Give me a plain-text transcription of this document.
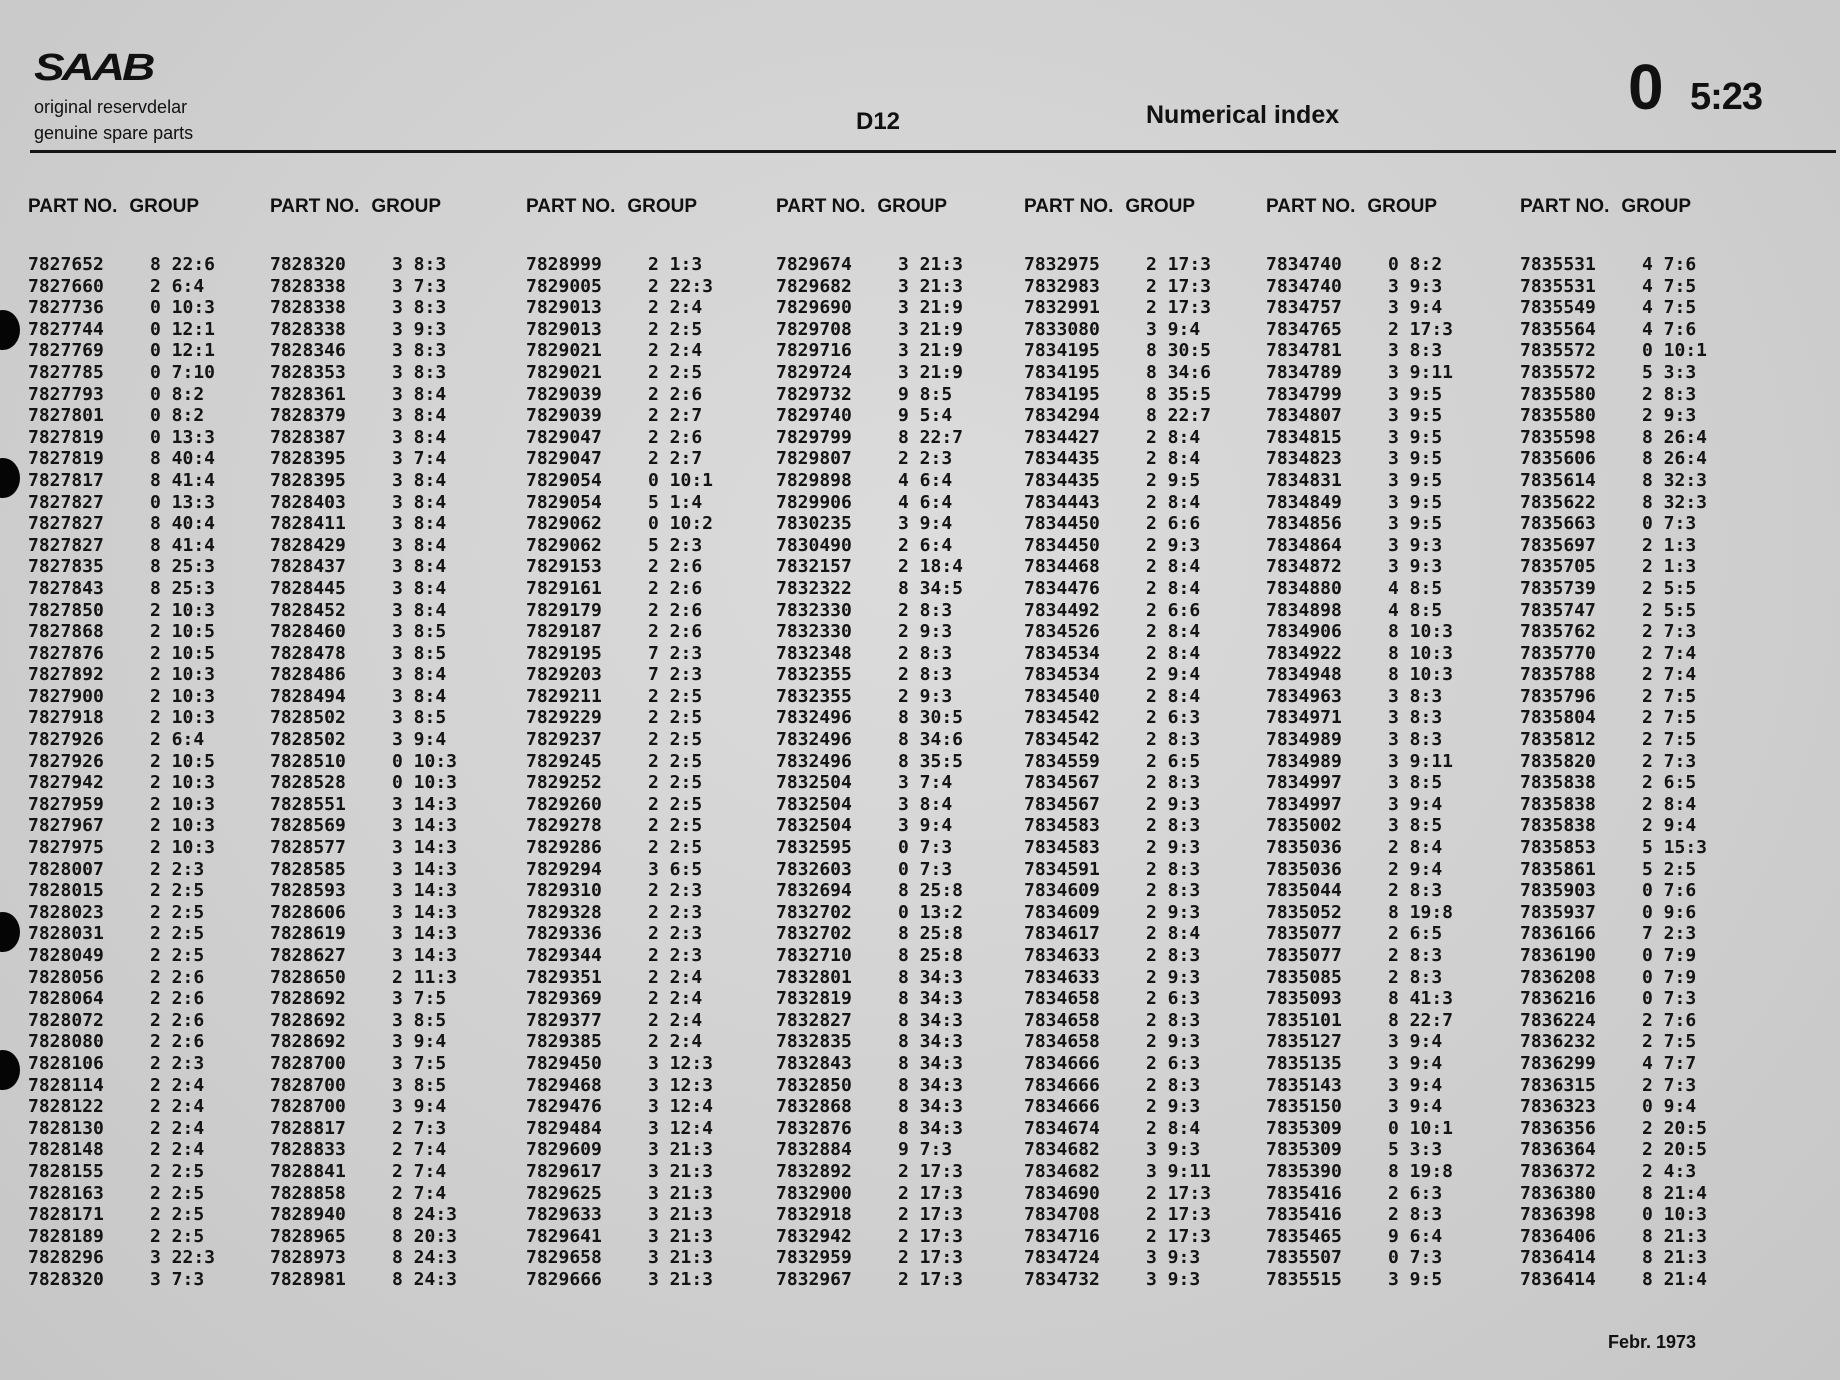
SAAB
original reservdelar
genuine spare parts	D12	Numerical index	0 5:23
PART NO. GROUP
7827652	8 22:6
7827660	2 6:4
7827736	0 10:3
7827744	0 12:1
7827769	0 12:1
7827785	0 7:10
7827793	0 8:2
7827801	0 8:2
7827819	0 13:3
7827819	8 40:4
7827817	8 41:4
7827827	0 13:3
7827827	8 40:4
7827827	8 41:4
7827835	8 25:3
7827843	8 25:3
7827850	2 10:3
7827868	2 10:5
7827876	2 10:5
7827892	2 10:3
7827900	2 10:3
7827918	2 10:3
7827926	2 6:4
7827926	2 10:5
7827942	2 10:3
7827959	2 10:3
7827967	2 10:3
7827975	2 10:3
7828007	2 2:3
7828015	2 2:5
7828023	2 2:5
7828031	2 2:5
7828049	2 2:5
7828056	2 2:6
7828064	2 2:6
7828072	2 2:6
7828080	2 2:6
7828106	2 2:3
7828114	2 2:4
7828122	2 2:4
7828130	2 2:4
7828148	2 2:4
7828155	2 2:5
7828163	2 2:5
7828171	2 2:5
7828189	2 2:5
7828296	3 22:3
7828320	3 7:3
PART NO. GROUP
7828320	3 8:3
7828338	3 7:3
7828338	3 8:3
7828338	3 9:3
7828346	3 8:3
7828353	3 8:3
7828361	3 8:4
7828379	3 8:4
7828387	3 8:4
7828395	3 7:4
7828395	3 8:4
7828403	3 8:4
7828411	3 8:4
7828429	3 8:4
7828437	3 8:4
7828445	3 8:4
7828452	3 8:4
7828460	3 8:5
7828478	3 8:5
7828486	3 8:4
7828494	3 8:4
7828502	3 8:5
7828502	3 9:4
7828510	0 10:3
7828528	0 10:3
7828551	3 14:3
7828569	3 14:3
7828577	3 14:3
7828585	3 14:3
7828593	3 14:3
7828606	3 14:3
7828619	3 14:3
7828627	3 14:3
7828650	2 11:3
7828692	3 7:5
7828692	3 8:5
7828692	3 9:4
7828700	3 7:5
7828700	3 8:5
7828700	3 9:4
7828817	2 7:3
7828833	2 7:4
7828841	2 7:4
7828858	2 7:4
7828940	8 24:3
7828965	8 20:3
7828973	8 24:3
7828981	8 24:3
PART NO. GROUP
7828999	2 1:3
7829005	2 22:3
7829013	2 2:4
7829013	2 2:5
7829021	2 2:4
7829021	2 2:5
7829039	2 2:6
7829039	2 2:7
7829047	2 2:6
7829047	2 2:7
7829054	0 10:1
7829054	5 1:4
7829062	0 10:2
7829062	5 2:3
7829153	2 2:6
7829161	2 2:6
7829179	2 2:6
7829187	2 2:6
7829195	7 2:3
7829203	7 2:3
7829211	2 2:5
7829229	2 2:5
7829237	2 2:5
7829245	2 2:5
7829252	2 2:5
7829260	2 2:5
7829278	2 2:5
7829286	2 2:5
7829294	3 6:5
7829310	2 2:3
7829328	2 2:3
7829336	2 2:3
7829344	2 2:3
7829351	2 2:4
7829369	2 2:4
7829377	2 2:4
7829385	2 2:4
7829450	3 12:3
7829468	3 12:3
7829476	3 12:4
7829484	3 12:4
7829609	3 21:3
7829617	3 21:3
7829625	3 21:3
7829633	3 21:3
7829641	3 21:3
7829658	3 21:3
7829666	3 21:3
PART NO. GROUP
7829674	3 21:3
7829682	3 21:3
7829690	3 21:9
7829708	3 21:9
7829716	3 21:9
7829724	3 21:9
7829732	9 8:5
7829740	9 5:4
7829799	8 22:7
7829807	2 2:3
7829898	4 6:4
7829906	4 6:4
7830235	3 9:4
7830490	2 6:4
7832157	2 18:4
7832322	8 34:5
7832330	2 8:3
7832330	2 9:3
7832348	2 8:3
7832355	2 8:3
7832355	2 9:3
7832496	8 30:5
7832496	8 34:6
7832496	8 35:5
7832504	3 7:4
7832504	3 8:4
7832504	3 9:4
7832595	0 7:3
7832603	0 7:3
7832694	8 25:8
7832702	0 13:2
7832702	8 25:8
7832710	8 25:8
7832801	8 34:3
7832819	8 34:3
7832827	8 34:3
7832835	8 34:3
7832843	8 34:3
7832850	8 34:3
7832868	8 34:3
7832876	8 34:3
7832884	9 7:3
7832892	2 17:3
7832900	2 17:3
7832918	2 17:3
7832942	2 17:3
7832959	2 17:3
7832967	2 17:3
PART NO. GROUP
7832975	2 17:3
7832983	2 17:3
7832991	2 17:3
7833080	3 9:4
7834195	8 30:5
7834195	8 34:6
7834195	8 35:5
7834294	8 22:7
7834427	2 8:4
7834435	2 8:4
7834435	2 9:5
7834443	2 8:4
7834450	2 6:6
7834450	2 9:3
7834468	2 8:4
7834476	2 8:4
7834492	2 6:6
7834526	2 8:4
7834534	2 8:4
7834534	2 9:4
7834540	2 8:4
7834542	2 6:3
7834542	2 8:3
7834559	2 6:5
7834567	2 8:3
7834567	2 9:3
7834583	2 8:3
7834583	2 9:3
7834591	2 8:3
7834609	2 8:3
7834609	2 9:3
7834617	2 8:4
7834633	2 8:3
7834633	2 9:3
7834658	2 6:3
7834658	2 8:3
7834658	2 9:3
7834666	2 6:3
7834666	2 8:3
7834666	2 9:3
7834674	2 8:4
7834682	3 9:3
7834682	3 9:11
7834690	2 17:3
7834708	2 17:3
7834716	2 17:3
7834724	3 9:3
7834732	3 9:3
PART NO. GROUP
7834740	0 8:2
7834740	3 9:3
7834757	3 9:4
7834765	2 17:3
7834781	3 8:3
7834789	3 9:11
7834799	3 9:5
7834807	3 9:5
7834815	3 9:5
7834823	3 9:5
7834831	3 9:5
7834849	3 9:5
7834856	3 9:5
7834864	3 9:3
7834872	3 9:3
7834880	4 8:5
7834898	4 8:5
7834906	8 10:3
7834922	8 10:3
7834948	8 10:3
7834963	3 8:3
7834971	3 8:3
7834989	3 8:3
7834989	3 9:11
7834997	3 8:5
7834997	3 9:4
7835002	3 8:5
7835036	2 8:4
7835036	2 9:4
7835044	2 8:3
7835052	8 19:8
7835077	2 6:5
7835077	2 8:3
7835085	2 8:3
7835093	8 41:3
7835101	8 22:7
7835127	3 9:4
7835135	3 9:4
7835143	3 9:4
7835150	3 9:4
7835309	0 10:1
7835309	5 3:3
7835390	8 19:8
7835416	2 6:3
7835416	2 8:3
7835465	9 6:4
7835507	0 7:3
7835515	3 9:5
PART NO. GROUP
7835531	4 7:6
7835531	4 7:5
7835549	4 7:5
7835564	4 7:6
7835572	0 10:1
7835572	5 3:3
7835580	2 8:3
7835580	2 9:3
7835598	8 26:4
7835606	8 26:4
7835614	8 32:3
7835622	8 32:3
7835663	0 7:3
7835697	2 1:3
7835705	2 1:3
7835739	2 5:5
7835747	2 5:5
7835762	2 7:3
7835770	2 7:4
7835788	2 7:4
7835796	2 7:5
7835804	2 7:5
7835812	2 7:5
7835820	2 7:3
7835838	2 6:5
7835838	2 8:4
7835838	2 9:4
7835853	5 15:3
7835861	5 2:5
7835903	0 7:6
7835937	0 9:6
7836166	7 2:3
7836190	0 7:9
7836208	0 7:9
7836216	0 7:3
7836224	2 7:6
7836232	2 7:5
7836299	4 7:7
7836315	2 7:3
7836323	0 9:4
7836356	2 20:5
7836364	2 20:5
7836372	2 4:3
7836380	8 21:4
7836398	0 10:3
7836406	8 21:3
7836414	8 21:3
7836414	8 21:4
Febr. 1973
